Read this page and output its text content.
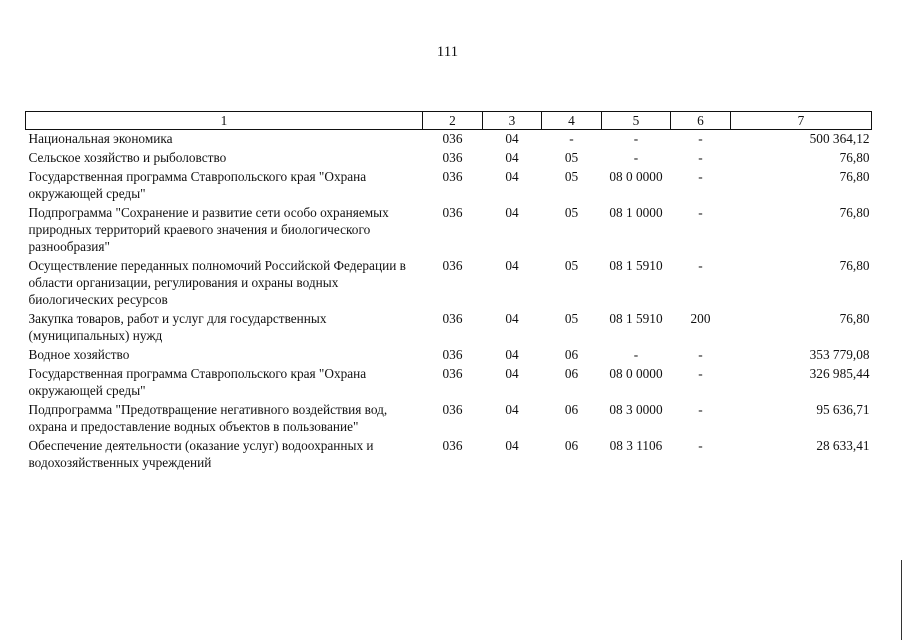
111
1	2	3	4	5	6	7
Национальная экономика	036	04	-	-	-	500 364,12
Сельское хозяйство и рыболовство	036	04	05	-	-	76,80
Государственная программа Ставропольского края "Охрана окружающей среды"	036	04	05	08 0 0000	-	76,80
Подпрограмма "Сохранение и развитие сети особо охраняемых природных территорий краевого значения и биологического разнообразия"	036	04	05	08 1 0000	-	76,80
Осуществление переданных полномочий Российской Федерации в области организации, регулирования и охраны водных биологических ресурсов	036	04	05	08 1 5910	-	76,80
Закупка товаров, работ и услуг для государственных (муниципальных) нужд	036	04	05	08 1 5910	200	76,80
Водное хозяйство	036	04	06	-	-	353 779,08
Государственная программа Ставропольского края "Охрана окружающей среды"	036	04	06	08 0 0000	-	326 985,44
Подпрограмма "Предотвращение негативного воздействия вод, охрана и предоставление водных объектов в пользование"	036	04	06	08 3 0000	-	95 636,71
Обеспечение деятельности (оказание услуг) водоохранных и водохозяйственных учреждений	036	04	06	08 3 1106	-	28 633,41
